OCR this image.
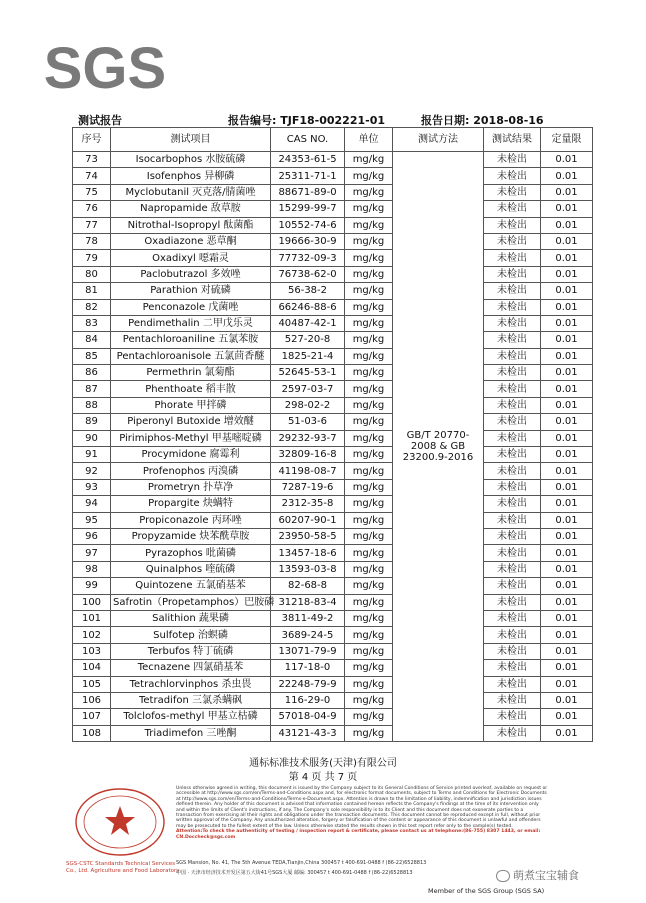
SGS
测试报告	报告编号: TJF18-002221-01	报告日期: 2018-08-16
序号	测试项目	CAS NO.	单位	测试方法	测试结果	定量限
73	Isocarbophos 水胺硫磷	24353-61-5	mg/kg	GB/T 20770-2008 & GB 23200.9-2016	未检出	0.01
74	Isofenphos 异柳磷	25311-71-1	mg/kg		未检出	0.01
75	Myclobutanil 灭克落/腈菌唑	88671-89-0	mg/kg		未检出	0.01
76	Napropamide 敌草胺	15299-99-7	mg/kg		未检出	0.01
77	Nitrothal-Isopropyl 酞菌酯	10552-74-6	mg/kg		未检出	0.01
78	Oxadiazone 恶草酮	19666-30-9	mg/kg		未检出	0.01
79	Oxadixyl 噁霜灵	77732-09-3	mg/kg		未检出	0.01
80	Paclobutrazol 多效唑	76738-62-0	mg/kg		未检出	0.01
81	Parathion 对硫磷	56-38-2	mg/kg		未检出	0.01
82	Penconazole 戊菌唑	66246-88-6	mg/kg		未检出	0.01
83	Pendimethalin 二甲戊乐灵	40487-42-1	mg/kg		未检出	0.01
84	Pentachloroaniline 五氯苯胺	527-20-8	mg/kg		未检出	0.01
85	Pentachloroanisole 五氯茴香醚	1825-21-4	mg/kg		未检出	0.01
86	Permethrin 氯菊酯	52645-53-1	mg/kg		未检出	0.01
87	Phenthoate 稻丰散	2597-03-7	mg/kg		未检出	0.01
88	Phorate 甲拌磷	298-02-2	mg/kg		未检出	0.01
89	Piperonyl Butoxide 增效醚	51-03-6	mg/kg		未检出	0.01
90	Pirimiphos-Methyl 甲基嘧啶磷	29232-93-7	mg/kg		未检出	0.01
91	Procymidone 腐霉利	32809-16-8	mg/kg		未检出	0.01
92	Profenophos 丙溴磷	41198-08-7	mg/kg		未检出	0.01
93	Prometryn 扑草净	7287-19-6	mg/kg		未检出	0.01
94	Propargite 炔螨特	2312-35-8	mg/kg		未检出	0.01
95	Propiconazole 丙环唑	60207-90-1	mg/kg		未检出	0.01
96	Propyzamide 炔苯酰草胺	23950-58-5	mg/kg		未检出	0.01
97	Pyrazophos 吡菌磷	13457-18-6	mg/kg		未检出	0.01
98	Quinalphos 喹硫磷	13593-03-8	mg/kg		未检出	0.01
99	Quintozene 五氯硝基苯	82-68-8	mg/kg		未检出	0.01
100	Safrotin（Propetamphos）巴胺磷	31218-83-4	mg/kg		未检出	0.01
101	Salithion 蔬果磷	3811-49-2	mg/kg		未检出	0.01
102	Sulfotep 治螟磷	3689-24-5	mg/kg		未检出	0.01
103	Terbufos 特丁硫磷	13071-79-9	mg/kg		未检出	0.01
104	Tecnazene 四氯硝基苯	117-18-0	mg/kg		未检出	0.01
105	Tetrachlorvinphos 杀虫畏	22248-79-9	mg/kg		未检出	0.01
106	Tetradifon 三氯杀螨砜	116-29-0	mg/kg		未检出	0.01
107	Tolclofos-methyl 甲基立枯磷	57018-04-9	mg/kg		未检出	0.01
108	Triadimefon 三唑酮	43121-43-3	mg/kg		未检出	0.01
通标标准技术服务(天津)有限公司
第 4 页 共 7 页
SGS-CSTC Standards Technical Services Co., Ltd. Agriculture and Food Laboratory
Unless otherwise agreed in writing, this document is issued by the Company subject to its General Conditions of Service printed overleaf, available on request or accessible at http://www.sgs.com/en/Terms-and-Conditions.aspx and, for electronic format documents, subject to Terms and Conditions for Electronic Documents at http://www.sgs.com/en/Terms-and-Conditions/Terms-e-Document.aspx. Attention is drawn to the limitation of liability, indemnification and jurisdiction issues defined therein. Any holder of this document is advised that information contained hereon reflects the Company's findings at the time of its intervention only and within the limits of Client's instructions, if any. The Company's sole responsibility is to its Client and this document does not exonerate parties to a transaction from exercising all their rights and obligations under the transaction documents. This document cannot be reproduced except in full, without prior written approval of the Company. Any unauthorized alteration, forgery or falsification of the content or appearance of this document is unlawful and offenders may be prosecuted to the fullest extent of the law. Unless otherwise stated the results shown in this test report refer only to the sample(s) tested.
Attention:To check the authenticity of testing / inspection report & certificate, please contact us at telephone:(86-755) 8307 1443, or email: CN.Doccheck@sgs.com
SGS Mansion, No. 41, The 5th Avenue TEDA,Tianjin,China 300457 t 400-691-0488 f (86-22)6528813
中国 · 天津市经济技术开发区第五大街41号SGS大厦 邮编: 300457 t 400-691-0488 f (86-22)6528813
Member of the SGS Group (SGS SA)
萌煮宝宝辅食
